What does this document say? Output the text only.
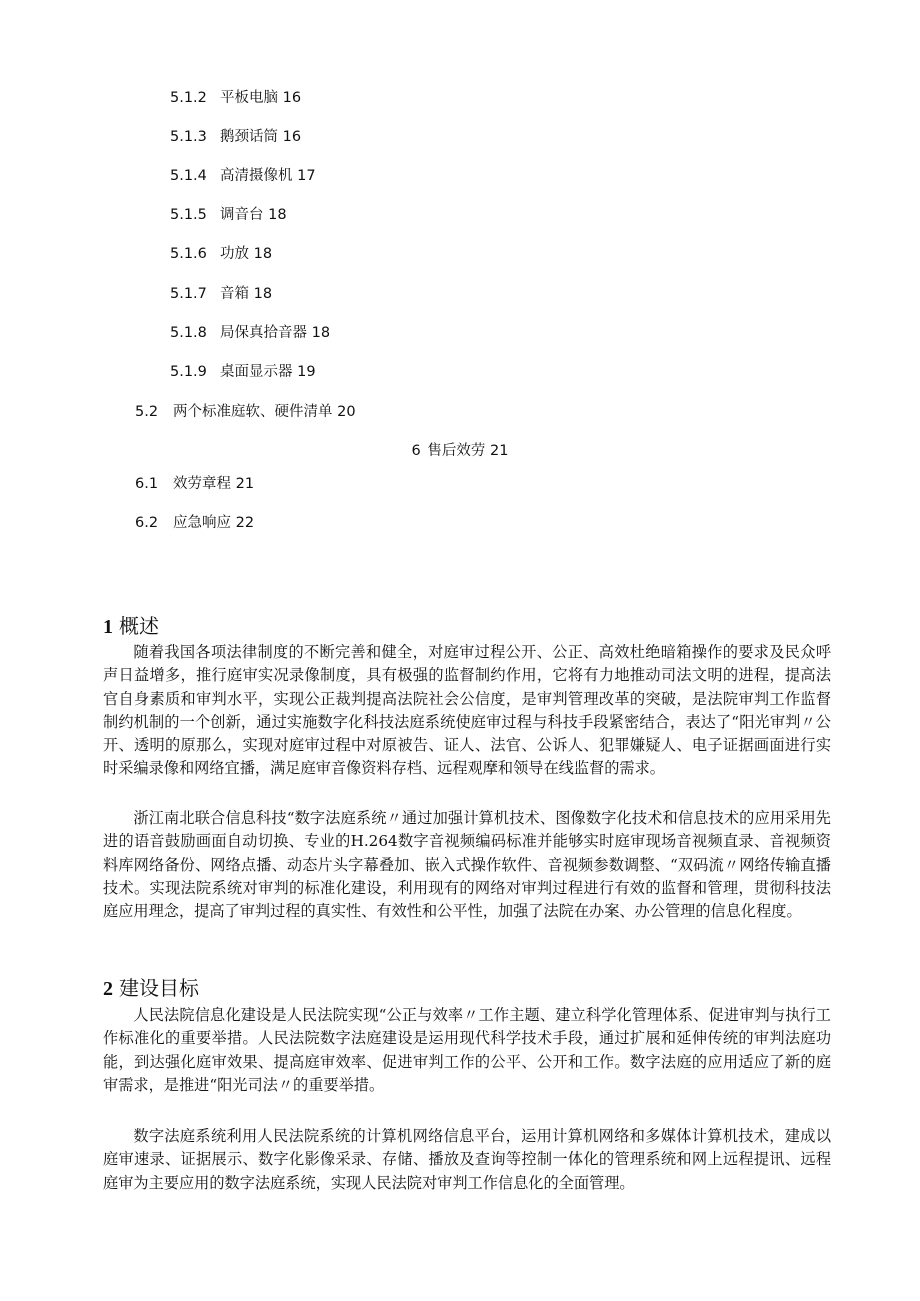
5.1.2 平板电脑 16
5.1.3 鹅颈话筒 16
5.1.4 高清摄像机 17
5.1.5 调音台 18
5.1.6 功放 18
5.1.7 音箱 18
5.1.8 局保真拾音器 18
5.1.9 桌面显示器 19
5.2 两个标准庭软、硬件清单 20
6 售后效劳 21
6.1 效劳章程 21
6.2 应急响应 22
1 概述

随着我国各项法律制度的不断完善和健全，对庭审过程公开、公正、高效杜绝暗箱操作的要求及民众呼声日益增多，推行庭审实况录像制度，具有极强的监督制约作用，它将有力地推动司法文明的进程，提高法官自身素质和审判水平，实现公正裁判提高法院社会公信度，是审判管理改革的突破，是法院审判工作监督制约机制的一个创新，通过实施数字化科技法庭系统使庭审过程与科技手段紧密结合，表达了“阳光审判〃公开、透明的原那么，实现对庭审过程中对原被告、证人、法官、公诉人、犯罪嫌疑人、电子证据画面进行实时采编录像和网络宜播，满足庭审音像资料存档、远程观摩和领导在线监督的需求。

浙江南北联合信息科技“数字法庭系统〃通过加强计算机技术、图像数字化技术和信息技术的应用采用先进的语音鼓励画面自动切换、专业的H.264数字音视频编码标准并能够实时庭审现场音视频直录、音视频资料库网络备份、网络点播、动态片头字幕叠加、嵌入式操作软件、音视频参数调整、“双码流〃网络传输直播技术。实现法院系统对审判的标准化建设，利用现有的网络对审判过程进行有效的监督和管理，贯彻科技法庭应用理念，提高了审判过程的真实性、有效性和公平性，加强了法院在办案、办公管理的信息化程度。

2 建设目标

人民法院信息化建设是人民法院实现“公正与效率〃工作主题、建立科学化管理体系、促进审判与执行工作标准化的重要举措。人民法院数字法庭建设是运用现代科学技术手段，通过扩展和延伸传统的审判法庭功能，到达强化庭审效果、提高庭审效率、促进审判工作的公平、公开和工作。数字法庭的应用适应了新的庭审需求，是推进“阳光司法〃的重要举措。

数字法庭系统利用人民法院系统的计算机网络信息平台，运用计算机网络和多媒体计算机技术，建成以庭审速录、证据展示、数字化影像采录、存储、播放及查询等控制一体化的管理系统和网上远程提讯、远程庭审为主要应用的数字法庭系统，实现人民法院对审判工作信息化的全面管理。
